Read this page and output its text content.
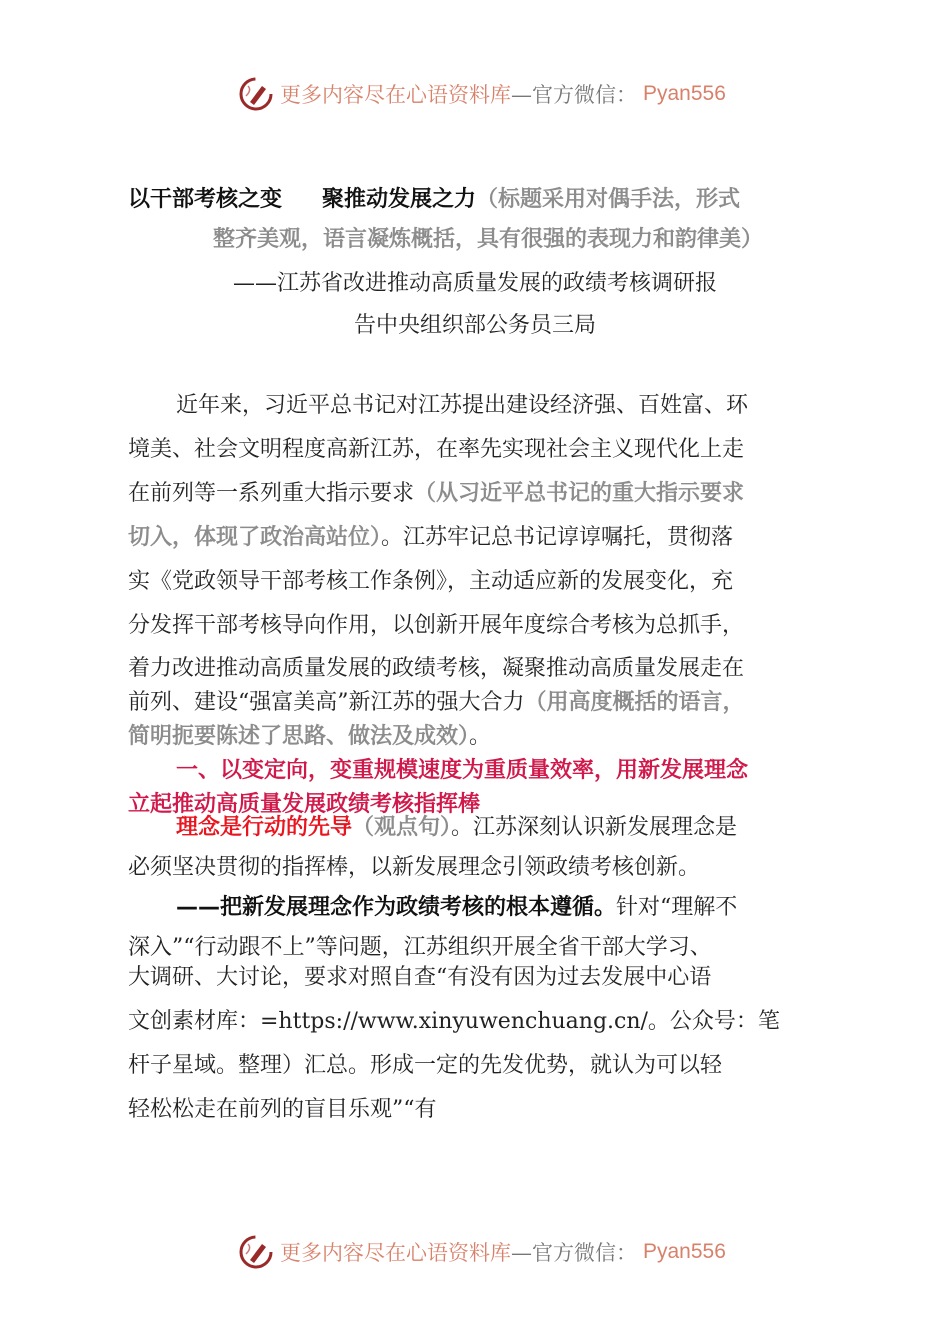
更多内容尽在心语资料库 —官方微信： Pyan556
以干部考核之变 聚推动发展之力（标题采用对偶手法，形式
整齐美观，语言凝炼概括，具有很强的表现力和韵律美）
——江苏省改进推动高质量发展的政绩考核调研报
告中央组织部公务员三局

近年来，习近平总书记对江苏提出建设经济强、百姓富、环

境美、社会文明程度高新江苏，在率先实现社会主义现代化上走

在前列等一系列重大指示要求（从习近平总书记的重大指示要求

切入，体现了政治高站位）。江苏牢记总书记谆谆嘱托，贯彻落

实《党政领导干部考核工作条例》，主动适应新的发展变化，充

分发挥干部考核导向作用，以创新开展年度综合考核为总抓手，

着力改进推动高质量发展的政绩考核，凝聚推动高质量发展走在

前列、建设“强富美高”新江苏的强大合力（用高度概括的语言，

简明扼要陈述了思路、做法及成效）。

一、以变定向，变重规模速度为重质量效率，用新发展理念

立起推动高质量发展政绩考核指挥棒

理念是行动的先导（观点句）。江苏深刻认识新发展理念是

必须坚决贯彻的指挥棒，以新发展理念引领政绩考核创新。

——把新发展理念作为政绩考核的根本遵循。针对“理解不

深入”“行动跟不上”等问题，江苏组织开展全省干部大学习、

大调研、大讨论，要求对照自查“有没有因为过去发展中心语

文创素材库：=https://www.xinyuwenchuang.cn/。公众号：笔

杆子星域。整理）汇总。形成一定的先发优势，就认为可以轻

轻松松走在前列的盲目乐观”“有

更多内容尽在心语资料库 —官方微信： Pyan556
